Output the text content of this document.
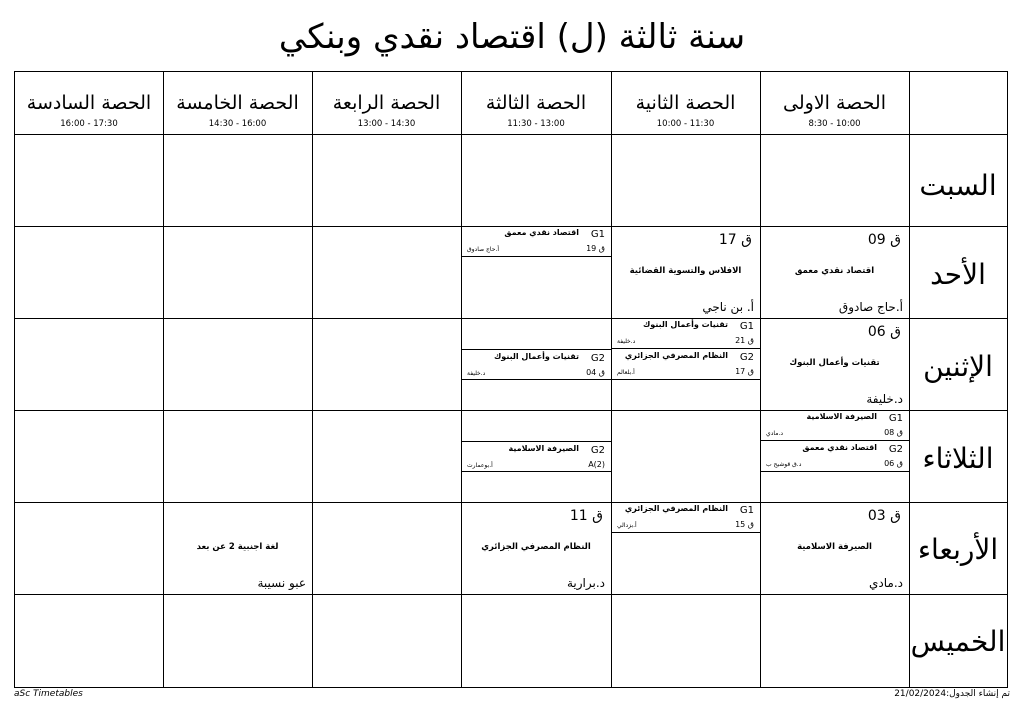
سنة ثالثة (ل) اقتصاد نقدي وبنكي
الحصة الاولى
8:30 - 10:00
الحصة الثانية
10:00 - 11:30
الحصة الثالثة
11:30 - 13:00
الحصة الرابعة
13:00 - 14:30
الحصة الخامسة
14:30 - 16:00
الحصة السادسة
16:00 - 17:30
السبت
الأحد
الإثنين
الثلاثاء
الأربعاء
الخميس
ق 09
اقتصاد نقدي معمق
أ.حاج صادوق
ق 17
الافلاس والتسوية القضائية
أ. بن ناجي
G1
اقتصاد نقدي معمق
ق 19
أ.حاج صادوق
ق 06
تقنيات وأعمال البنوك
د.خليفة
G1
تقنيات وأعمال البنوك
ق 21
د.خليفة
G2
النظام المصرفي الجزائري
ق 17
أ.بلعالم
G2
تقنيات وأعمال البنوك
ق 04
د.خليفة
G1
الصيرفة الاسلامية
ق 08
د.مادي
G2
اقتصاد نقدي معمق
ق 06
د.ق قوشيح ب
G2
الصيرفة الاسلامية
A(2)
أ.بوعمارت
ق 03
الصيرفة الاسلامية
د.مادي
G1
النظام المصرفي الجزائري
ق 15
أ.بزدالي
ق 11
النظام المصرفي الجزائري
د.برارية
لغة اجنبية 2 عن بعد
عبو نسيبة
aSc Timetables	تم إنشاء الجدول:21/02/2024
